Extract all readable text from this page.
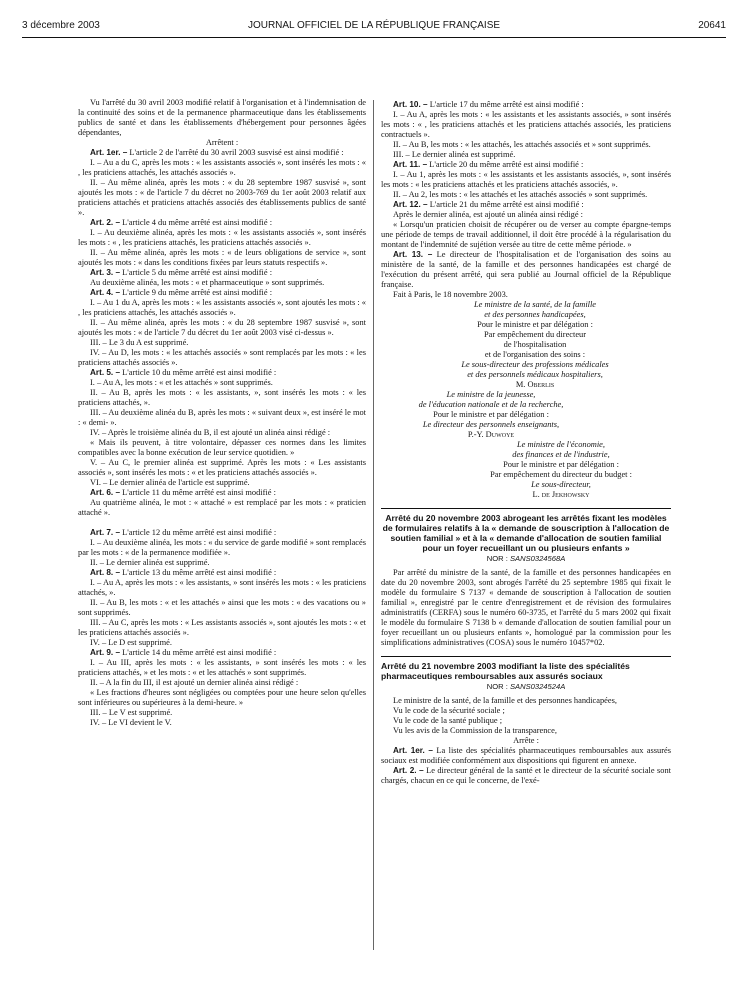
3 décembre 2003	JOURNAL OFFICIEL DE LA RÉPUBLIQUE FRANÇAISE	20641

Vu l'arrêté du 30 avril 2003 modifié relatif à l'organisation et à l'indemnisation de la continuité des soins et de la permanence pharmaceutique dans les établissements publics de santé et dans les établissements d'hébergement pour personnes âgées dépendantes,

Arrêtent :

Art. 1er. – L'article 2 de l'arrêté du 30 avril 2003 susvisé est ainsi modifié :

I. – Au a du C, après les mots : « les assistants associés », sont insérés les mots : « , les praticiens attachés, les attachés associés ».

II. – Au même alinéa, après les mots : « du 28 septembre 1987 susvisé », sont ajoutés les mots : « de l'article 7 du décret no 2003-769 du 1er août 2003 relatif aux praticiens attachés et praticiens attachés associés des établissements publics de santé ».

Art. 2. – L'article 4 du même arrêté est ainsi modifié :

I. – Au deuxième alinéa, après les mots : « les assistants associés », sont insérés les mots : « , les praticiens attachés, les praticiens attachés associés ».

II. – Au même alinéa, après les mots : « de leurs obligations de service », sont ajoutés les mots : « dans les conditions fixées par leurs statuts respectifs ».

Art. 3. – L'article 5 du même arrêté est ainsi modifié :

Au deuxième alinéa, les mots : « et pharmaceutique » sont supprimés.

Art. 4. – L'article 9 du même arrêté est ainsi modifié :

I. – Au 1 du A, après les mots : « les assistants associés », sont ajoutés les mots : « , les praticiens attachés, les attachés associés ».

II. – Au même alinéa, après les mots : « du 28 septembre 1987 susvisé », sont ajoutés les mots : « de l'article 7 du décret du 1er août 2003 visé ci-dessus ».

III. – Le 3 du A est supprimé.

IV. – Au D, les mots : « les attachés associés » sont remplacés par les mots : « les praticiens attachés associés ».

Art. 5. – L'article 10 du même arrêté est ainsi modifié :

I. – Au A, les mots : « et les attachés » sont supprimés.

II. – Au B, après les mots : « les assistants, », sont insérés les mots : « les praticiens attachés, ».

III. – Au deuxième alinéa du B, après les mots : « suivant deux », est inséré le mot : « demi- ».

IV. – Après le troisième alinéa du B, il est ajouté un alinéa ainsi rédigé :

« Mais ils peuvent, à titre volontaire, dépasser ces normes dans les limites compatibles avec la bonne exécution de leur service quotidien. »

V. – Au C, le premier alinéa est supprimé. Après les mots : « Les assistants associés », sont insérés les mots : « et les praticiens attachés associés ».

VI. – Le dernier alinéa de l'article est supprimé.

Art. 6. – L'article 11 du même arrêté est ainsi modifié :

Au quatrième alinéa, le mot : « attaché » est remplacé par les mots : « praticien attaché ».

Art. 7. – L'article 12 du même arrêté est ainsi modifié :

I. – Au deuxième alinéa, les mots : « du service de garde modifié » sont remplacés par les mots : « de la permanence modifiée ».

II. – Le dernier alinéa est supprimé.

Art. 8. – L'article 13 du même arrêté est ainsi modifié :

I. – Au A, après les mots : « les assistants, » sont insérés les mots : « les praticiens attachés, ».

II. – Au B, les mots : « et les attachés » ainsi que les mots : « des vacations ou » sont supprimés.

III. – Au C, après les mots : « Les assistants associés », sont ajoutés les mots : « et les praticiens attachés associés ».

IV. – Le D est supprimé.

Art. 9. – L'article 14 du même arrêté est ainsi modifié :

I. – Au III, après les mots : « les assistants, » sont insérés les mots : « les praticiens attachés, » et les mots : « et les attachés » sont supprimés.

II. – A la fin du III, il est ajouté un dernier alinéa ainsi rédigé :

« Les fractions d'heures sont négligées ou comptées pour une heure selon qu'elles sont inférieures ou supérieures à la demi-heure. »

III. – Le V est supprimé.

IV. – Le VI devient le V.

Art. 10. – L'article 17 du même arrêté est ainsi modifié :

I. – Au A, après les mots : « les assistants et les assistants associés, » sont insérés les mots : « , les praticiens attachés et les praticiens attachés associés, les praticiens contractuels ».

II. – Au B, les mots : « les attachés, les attachés associés et » sont supprimés.

III. – Le dernier alinéa est supprimé.

Art. 11. – L'article 20 du même arrêté est ainsi modifié :

I. – Au 1, après les mots : « les assistants et les assistants associés, », sont insérés les mots : « les praticiens attachés et les praticiens attachés associés, ».

II. – Au 2, les mots : « les attachés et les attachés associés » sont supprimés.

Art. 12. – L'article 21 du même arrêté est ainsi modifié :

Après le dernier alinéa, est ajouté un alinéa ainsi rédigé :

« Lorsqu'un praticien choisit de récupérer ou de verser au compte épargne-temps une période de temps de travail additionnel, il doit être procédé à la régularisation du montant de l'indemnité de sujétion versée au titre de cette même période. »

Art. 13. – Le directeur de l'hospitalisation et de l'organisation des soins au ministère de la santé, de la famille et des personnes handicapées est chargé de l'exécution du présent arrêté, qui sera publié au Journal officiel de la République française.

Fait à Paris, le 18 novembre 2003.

Le ministre de la santé, de la famille

et des personnes handicapées,

Pour le ministre et par délégation :

Par empêchement du directeur

de l'hospitalisation

et de l'organisation des soins :

Le sous-directeur des professions médicales

et des personnels médicaux hospitaliers,

M. Oberlis

Le ministre de la jeunesse,

de l'éducation nationale et de la recherche,

Pour le ministre et par délégation :

Le directeur des personnels enseignants,

P.-Y. Duwoye

Le ministre de l'économie,

des finances et de l'industrie,

Pour le ministre et par délégation :

Par empêchement du directeur du budget :

Le sous-directeur,

L. de Jekhowsky

Arrêté du 20 novembre 2003 abrogeant les arrêtés fixant les modèles de formulaires relatifs à la « demande de souscription à l'allocation de soutien familial » et à la « demande d'allocation de soutien familial pour un foyer recueillant un ou plusieurs enfants »

NOR : SANS0324568A

Par arrêté du ministre de la santé, de la famille et des personnes handicapées en date du 20 novembre 2003, sont abrogés l'arrêté du 25 septembre 1985 qui fixait le modèle du formulaire S 7137 « demande de souscription à l'allocation de soutien familial », enregistré par le centre d'enregistrement et de révision des formulaires administratifs (CERFA) sous le numéro 60-3735, et l'arrêté du 5 mars 2002 qui fixait le modèle du formulaire S 7138 b « demande d'allocation de soutien familial pour un foyer recueillant un ou plusieurs enfants », homologué par la commission pour les simplifications administratives (COSA) sous le numéro 10457*02.

Arrêté du 21 novembre 2003 modifiant la liste des spécialités pharmaceutiques remboursables aux assurés sociaux

NOR : SANS0324524A

Le ministre de la santé, de la famille et des personnes handicapées,

Vu le code de la sécurité sociale ;

Vu le code de la santé publique ;

Vu les avis de la Commission de la transparence,

Arrête :

Art. 1er. – La liste des spécialités pharmaceutiques remboursables aux assurés sociaux est modifiée conformément aux dispositions qui figurent en annexe.

Art. 2. – Le directeur général de la santé et le directeur de la sécurité sociale sont chargés, chacun en ce qui le concerne, de l'exé-
